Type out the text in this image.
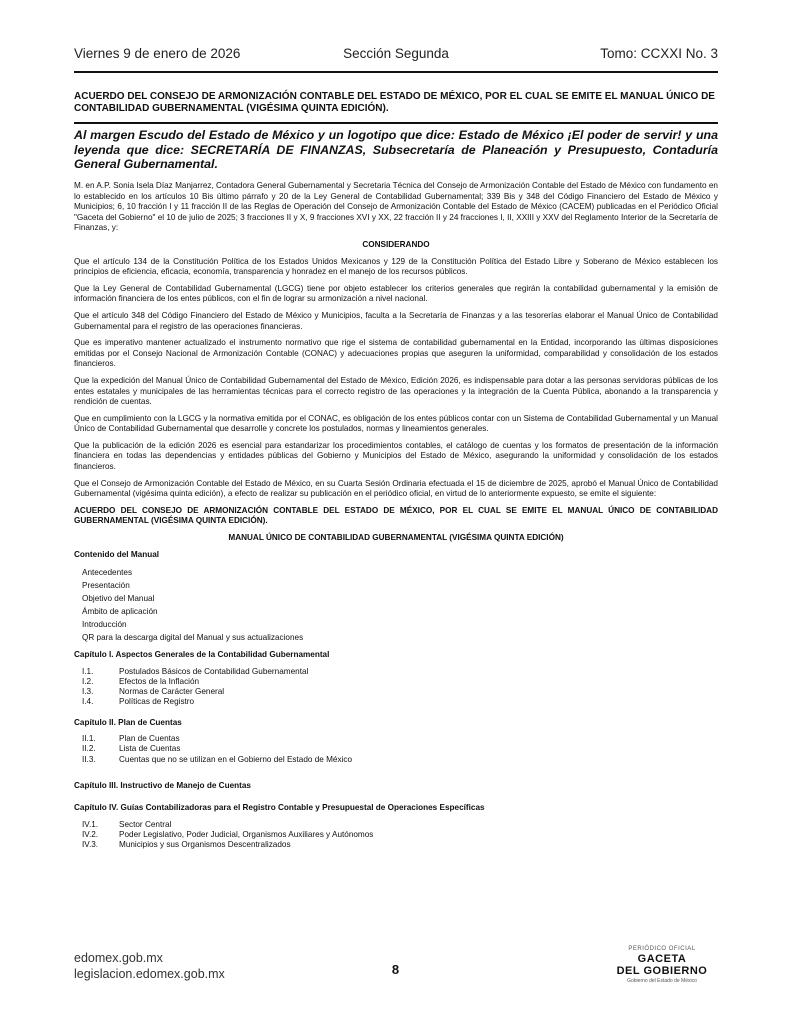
Viernes 9 de enero de 2026	Sección Segunda	Tomo: CCXXI No. 3
ACUERDO DEL CONSEJO DE ARMONIZACIÓN CONTABLE DEL ESTADO DE MÉXICO, POR EL CUAL SE EMITE EL MANUAL ÚNICO DE CONTABILIDAD GUBERNAMENTAL (VIGÉSIMA QUINTA EDICIÓN).
Al margen Escudo del Estado de México y un logotipo que dice: Estado de México ¡El poder de servir! y una leyenda que dice: SECRETARÍA DE FINANZAS, Subsecretaría de Planeación y Presupuesto, Contaduría General Gubernamental.

M. en A.P. Sonia Isela Díaz Manjarrez, Contadora General Gubernamental y Secretaria Técnica del Consejo de Armonización Contable del Estado de México con fundamento en lo establecido en los artículos 10 Bis último párrafo y 20 de la Ley General de Contabilidad Gubernamental; 339 Bis y 348 del Código Financiero del Estado de México y Municipios; 6, 10 fracción I y 11 fracción II de las Reglas de Operación del Consejo de Armonización Contable del Estado de México (CACEM) publicadas en el Periódico Oficial "Gaceta del Gobierno" el 10 de julio de 2025; 3 fracciones II y X, 9 fracciones XVI y XX, 22 fracción II y 24 fracciones I, II, XXIII y XXV del Reglamento Interior de la Secretaría de Finanzas, y:

CONSIDERANDO

Que el artículo 134 de la Constitución Política de los Estados Unidos Mexicanos y 129 de la Constitución Política del Estado Libre y Soberano de México establecen los principios de eficiencia, eficacia, economía, transparencia y honradez en el manejo de los recursos públicos.

Que la Ley General de Contabilidad Gubernamental (LGCG) tiene por objeto establecer los criterios generales que regirán la contabilidad gubernamental y la emisión de información financiera de los entes públicos, con el fin de lograr su armonización a nivel nacional.

Que el artículo 348 del Código Financiero del Estado de México y Municipios, faculta a la Secretaría de Finanzas y a las tesorerías elaborar el Manual Único de Contabilidad Gubernamental para el registro de las operaciones financieras.

Que es imperativo mantener actualizado el instrumento normativo que rige el sistema de contabilidad gubernamental en la Entidad, incorporando las últimas disposiciones emitidas por el Consejo Nacional de Armonización Contable (CONAC) y adecuaciones propias que aseguren la uniformidad, comparabilidad y consolidación de los estados financieros.

Que la expedición del Manual Único de Contabilidad Gubernamental del Estado de México, Edición 2026, es indispensable para dotar a las personas servidoras públicas de los entes estatales y municipales de las herramientas técnicas para el correcto registro de las operaciones y la integración de la Cuenta Pública, abonando a la transparencia y rendición de cuentas.

Que en cumplimiento con la LGCG y la normativa emitida por el CONAC, es obligación de los entes públicos contar con un Sistema de Contabilidad Gubernamental y un Manual Único de Contabilidad Gubernamental que desarrolle y concrete los postulados, normas y lineamientos generales.

Que la publicación de la edición 2026 es esencial para estandarizar los procedimientos contables, el catálogo de cuentas y los formatos de presentación de la información financiera en todas las dependencias y entidades públicas del Gobierno y Municipios del Estado de México, asegurando la uniformidad y consolidación de los estados financieros.

Que el Consejo de Armonización Contable del Estado de México, en su Cuarta Sesión Ordinaria efectuada el 15 de diciembre de 2025, aprobó el Manual Único de Contabilidad Gubernamental (vigésima quinta edición), a efecto de realizar su publicación en el periódico oficial, en virtud de lo anteriormente expuesto, se emite el siguiente:

ACUERDO DEL CONSEJO DE ARMONIZACIÓN CONTABLE DEL ESTADO DE MÉXICO, POR EL CUAL SE EMITE EL MANUAL ÚNICO DE CONTABILIDAD GUBERNAMENTAL (VIGÉSIMA QUINTA EDICIÓN).

MANUAL ÚNICO DE CONTABILIDAD GUBERNAMENTAL (VIGÉSIMA QUINTA EDICIÓN)

Contenido del Manual

Antecedentes
Presentación
Objetivo del Manual
Ámbito de aplicación
Introducción
QR para la descarga digital del Manual y sus actualizaciones

Capítulo I. Aspectos Generales de la Contabilidad Gubernamental

I.1.	Postulados Básicos de Contabilidad Gubernamental
I.2.	Efectos de la Inflación
I.3.	Normas de Carácter General
I.4.	Políticas de Registro

Capítulo II. Plan de Cuentas

II.1.	Plan de Cuentas
II.2.	Lista de Cuentas
II.3.	Cuentas que no se utilizan en el Gobierno del Estado de México

Capítulo III. Instructivo de Manejo de Cuentas

Capítulo IV. Guías Contabilizadoras para el Registro Contable y Presupuestal de Operaciones Específicas

IV.1.	Sector Central
IV.2.	Poder Legislativo, Poder Judicial, Organismos Auxiliares y Autónomos
IV.3.	Municipios y sus Organismos Descentralizados
edomex.gob.mx
legislacion.edomex.gob.mx	8
PERIÓDICO OFICIAL
GACETA
DEL GOBIERNO
Gobierno del Estado de México
